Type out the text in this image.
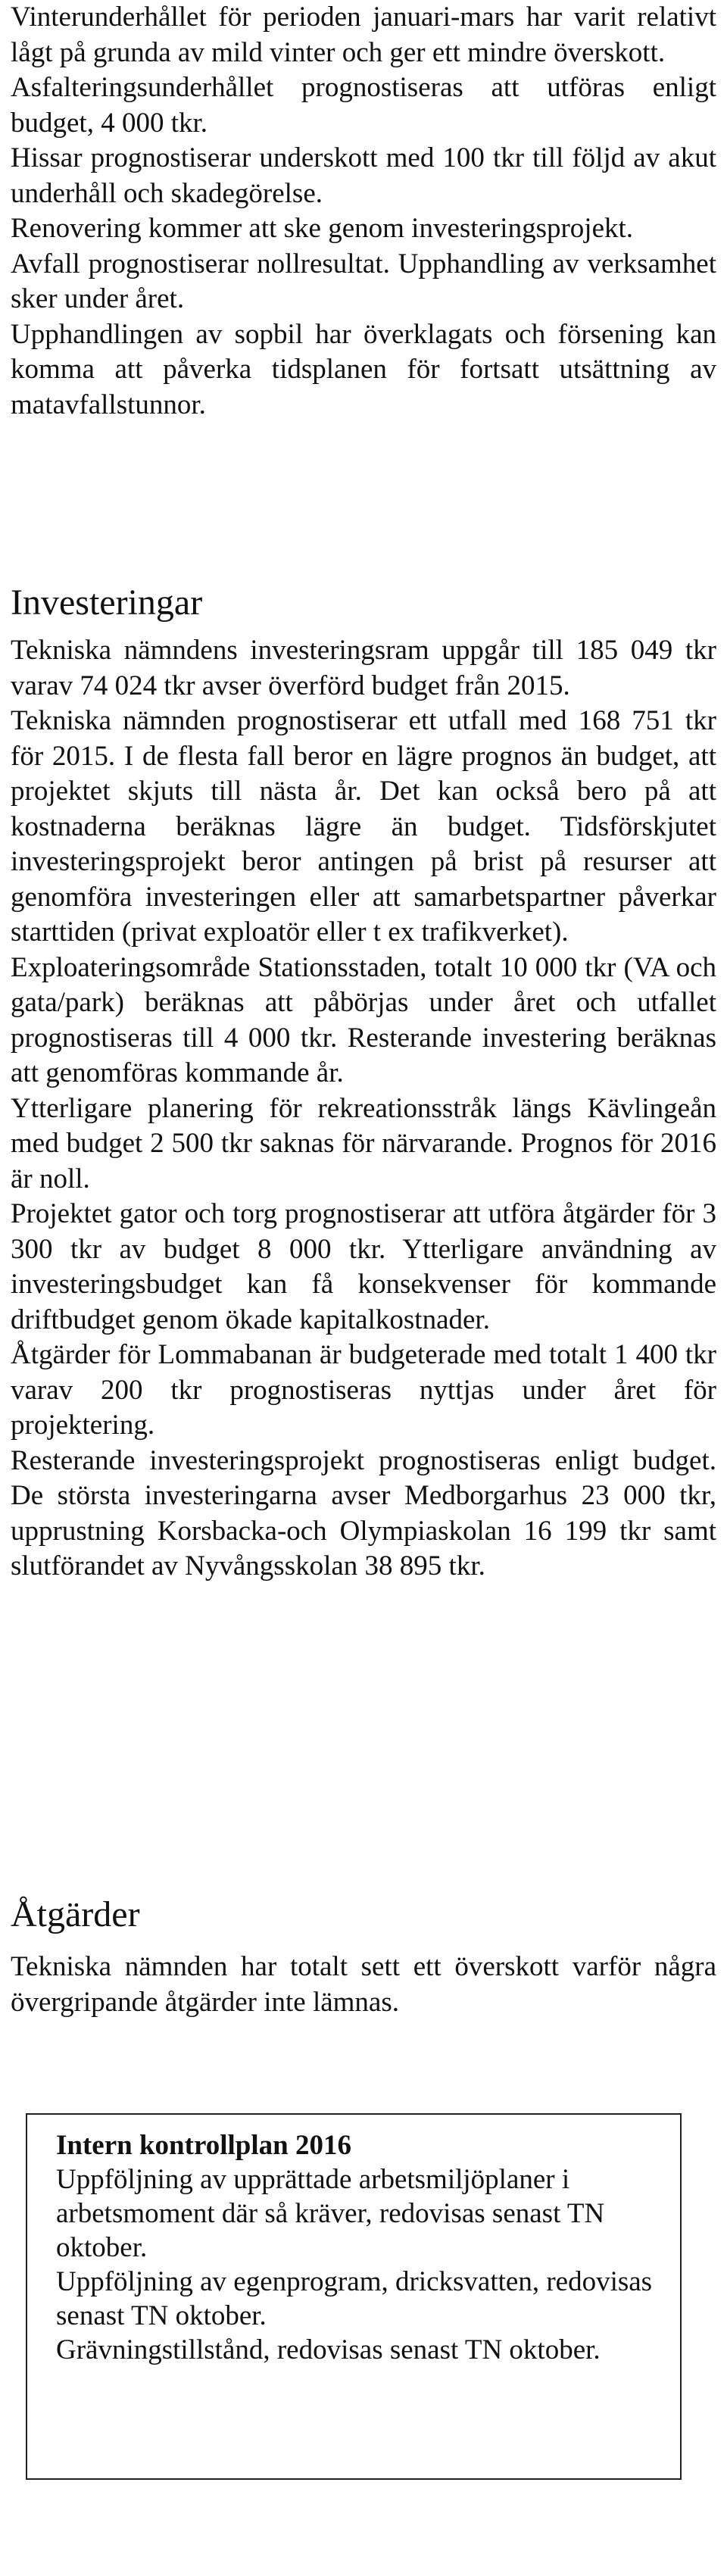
Vinterunderhållet för perioden januari-mars har varit relativt lågt på grunda av mild vinter och ger ett mindre överskott.

Asfalteringsunderhållet prognostiseras att utföras enligt budget, 4 000 tkr.

Hissar prognostiserar underskott med 100 tkr till följd av akut underhåll och skadegörelse.

Renovering kommer att ske genom investeringsprojekt.

Avfall prognostiserar nollresultat. Upphandling av verksamhet sker under året.

Upphandlingen av sopbil har överklagats och försening kan komma att påverka tidsplanen för fortsatt utsättning av matavfallstunnor.

Investeringar

Tekniska nämndens investeringsram uppgår till 185 049 tkr varav 74 024 tkr avser överförd budget från 2015.

Tekniska nämnden prognostiserar ett utfall med 168 751 tkr för 2015. I de flesta fall beror en lägre prognos än budget, att projektet skjuts till nästa år. Det kan också bero på att kostnaderna beräknas lägre än budget. Tidsförskjutet investeringsprojekt beror antingen på brist på resurser att genomföra investeringen eller att samarbetspartner påverkar starttiden (privat exploatör eller t ex trafikverket).

Exploateringsområde Stationsstaden, totalt 10 000 tkr (VA och gata/park) beräknas att påbörjas under året och utfallet prognostiseras till 4 000 tkr. Resterande investering beräknas att genomföras kommande år.

Ytterligare planering för rekreationsstråk längs Kävlingeån med budget 2 500 tkr saknas för närvarande. Prognos för 2016 är noll.

Projektet gator och torg prognostiserar att utföra åtgärder för 3 300 tkr av budget 8 000 tkr. Ytterligare användning av investeringsbudget kan få konsekvenser för kommande driftbudget genom ökade kapitalkostnader.

Åtgärder för Lommabanan är budgeterade med totalt 1 400 tkr varav 200 tkr prognostiseras nyttjas under året för projektering.

Resterande investeringsprojekt prognostiseras enligt budget. De största investeringarna avser Medborgarhus 23 000 tkr, upprustning Korsbacka-och Olympiaskolan 16 199 tkr samt slutförandet av Nyvångsskolan 38 895 tkr.

Åtgärder

Tekniska nämnden har totalt sett ett överskott varför några övergripande åtgärder inte lämnas.

Intern kontrollplan 2016

Uppföljning av upprättade arbetsmiljöplaner i arbetsmoment där så kräver, redovisas senast TN oktober.

Uppföljning av egenprogram, dricksvatten, redovisas senast TN oktober.

Grävningstillstånd, redovisas senast TN oktober.
